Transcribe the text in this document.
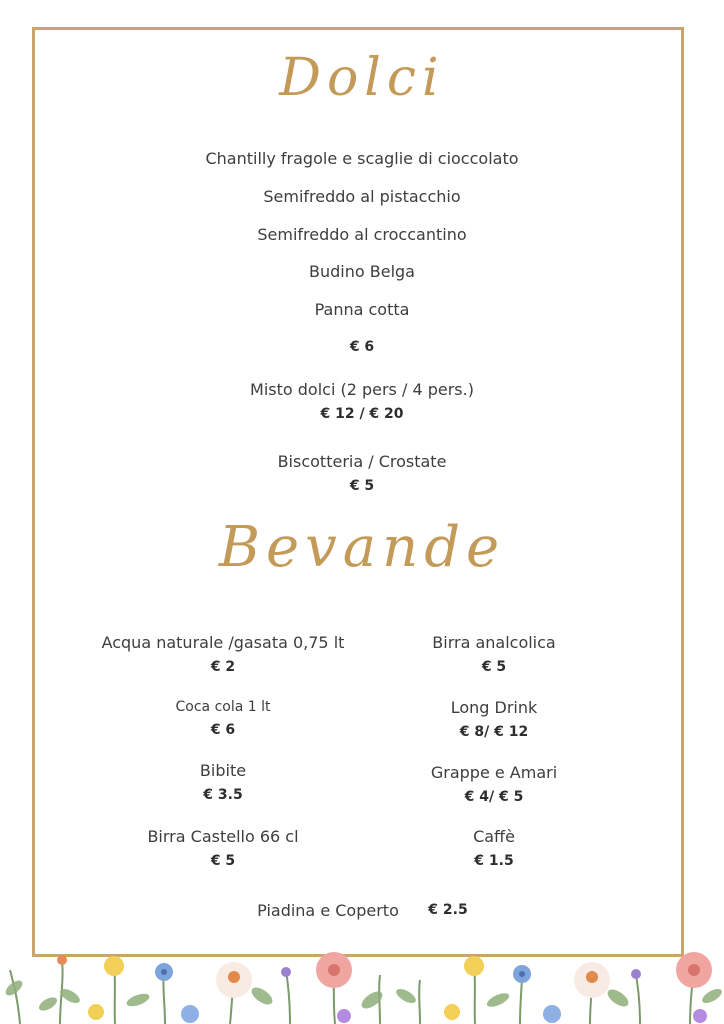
Dolci
Chantilly fragole e scaglie di cioccolato
Semifreddo al pistacchio
Semifreddo al croccantino
Budino Belga
Panna cotta
€ 6
Misto dolci (2 pers / 4 pers.)
€ 12 / € 20
Biscotteria / Crostate
€ 5
Bevande
Acqua naturale /gasata 0,75 lt
€ 2
Coca cola 1 lt
€ 6
Bibite
€ 3.5
Birra Castello 66 cl
€ 5
Birra analcolica
€ 5
Long Drink
€ 8/ € 12
Grappe e Amari
€ 4/ € 5
Caffè
€ 1.5
Piadina e Coperto	€ 2.5
